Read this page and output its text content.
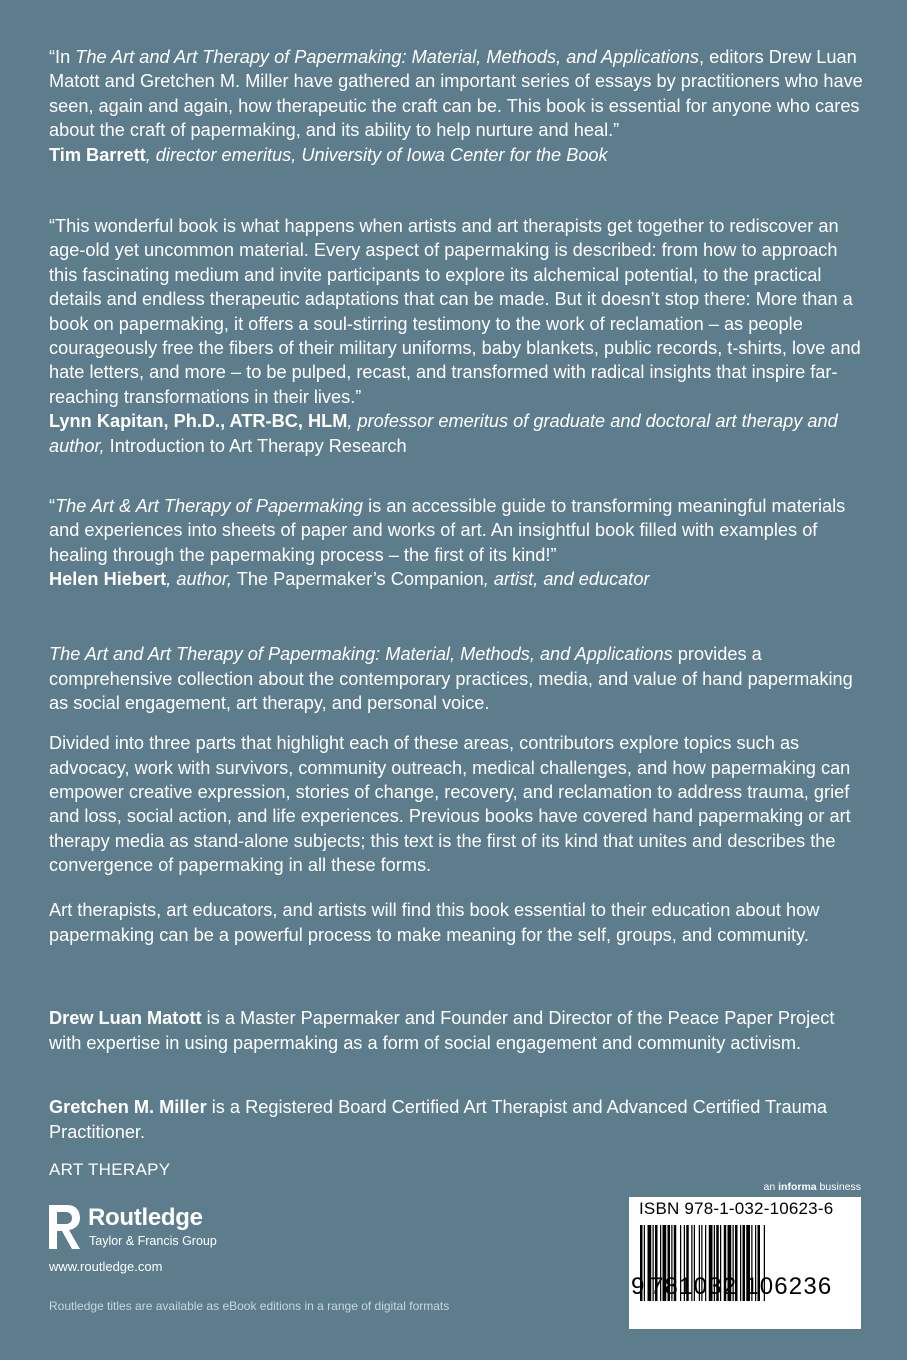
“In The Art and Art Therapy of Papermaking: Material, Methods, and Applications, editors Drew Luan Matott and Gretchen M. Miller have gathered an important series of essays by practitioners who have seen, again and again, how therapeutic the craft can be. This book is essential for anyone who cares about the craft of papermaking, and its ability to help nurture and heal.”

Tim Barrett, director emeritus, University of Iowa Center for the Book

“This wonderful book is what happens when artists and art therapists get together to rediscover an age-old yet uncommon material. Every aspect of papermaking is described: from how to approach this fascinating medium and invite participants to explore its alchemical potential, to the practical details and endless therapeutic adaptations that can be made. But it doesn’t stop there: More than a book on papermaking, it offers a soul-stirring testimony to the work of reclamation – as people courageously free the fibers of their military uniforms, baby blankets, public records, t-shirts, love and hate letters, and more – to be pulped, recast, and transformed with radical insights that inspire far-reaching transformations in their lives.”

Lynn Kapitan, Ph.D., ATR-BC, HLM, professor emeritus of graduate and doctoral art therapy and author, Introduction to Art Therapy Research

“The Art & Art Therapy of Papermaking is an accessible guide to transforming meaningful materials and experiences into sheets of paper and works of art. An insightful book filled with examples of healing through the papermaking process – the first of its kind!”

Helen Hiebert, author, The Papermaker’s Companion, artist, and educator

The Art and Art Therapy of Papermaking: Material, Methods, and Applications provides a comprehensive collection about the contemporary practices, media, and value of hand papermaking as social engagement, art therapy, and personal voice.

Divided into three parts that highlight each of these areas, contributors explore topics such as advocacy, work with survivors, community outreach, medical challenges, and how papermaking can empower creative expression, stories of change, recovery, and reclamation to address trauma, grief and loss, social action, and life experiences. Previous books have covered hand papermaking or art therapy media as stand-alone subjects; this text is the first of its kind that unites and describes the convergence of papermaking in all these forms.

Art therapists, art educators, and artists will find this book essential to their education about how papermaking can be a powerful process to make meaning for the self, groups, and community.

Drew Luan Matott is a Master Papermaker and Founder and Director of the Peace Paper Project with expertise in using papermaking as a form of social engagement and community activism.

Gretchen M. Miller is a Registered Board Certified Art Therapist and Advanced Certified Trauma Practitioner.

ART THERAPY
Routledge
Taylor & Francis Group
www.routledge.com
Routledge titles are available as eBook editions in a range of digital formats
an informa business
ISBN 978-1-032-10623-6
9 781032 106236
